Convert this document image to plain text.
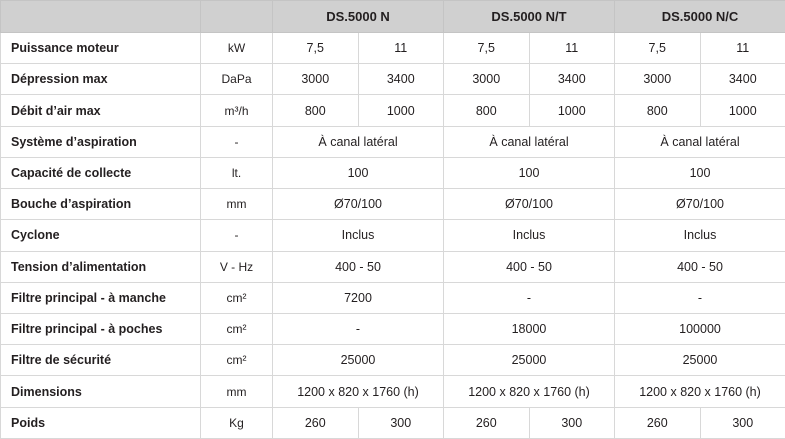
		DS.5000 N		DS.5000 N/T		DS.5000 N/C	
Puissance moteur	kW	7,5	11	7,5	11	7,5	11
Dépression max	DaPa	3000	3400	3000	3400	3000	3400
Débit d’air max	m³/h	800	1000	800	1000	800	1000
Système d’aspiration	-	À canal latéral		À canal latéral		À canal latéral	
Capacité de collecte	lt.	100		100		100	
Bouche d’aspiration	mm	Ø70/100		Ø70/100		Ø70/100	
Cyclone	-	Inclus		Inclus		Inclus	
Tension d’alimentation	V - Hz	400 - 50		400 - 50		400 - 50	
Filtre principal - à manche	cm²	7200		-		-	
Filtre principal - à poches	cm²	-		18000		100000	
Filtre de sécurité	cm²	25000		25000		25000	
Dimensions	mm	1200 x 820 x 1760 (h)		1200 x 820 x 1760 (h)		1200 x 820 x 1760 (h)	
Poids	Kg	260	300	260	300	260	300
